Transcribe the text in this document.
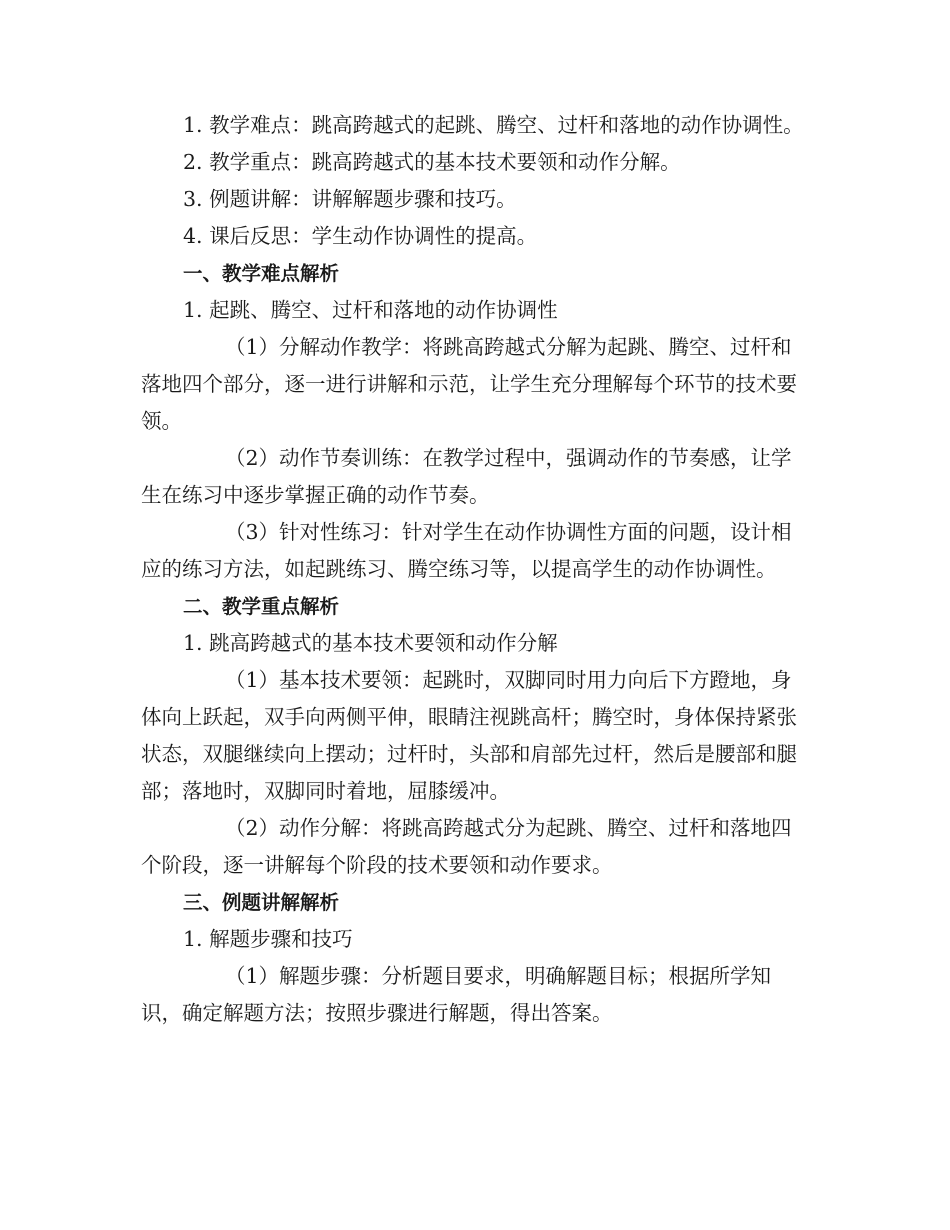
1. 教学难点：跳高跨越式的起跳、腾空、过杆和落地的动作协调性。

2. 教学重点：跳高跨越式的基本技术要领和动作分解。

3. 例题讲解：讲解解题步骤和技巧。

4. 课后反思：学生动作协调性的提高。

一、教学难点解析

1. 起跳、腾空、过杆和落地的动作协调性

（1）分解动作教学：将跳高跨越式分解为起跳、腾空、过杆和落地四个部分，逐一进行讲解和示范，让学生充分理解每个环节的技术要领。

（2）动作节奏训练：在教学过程中，强调动作的节奏感，让学生在练习中逐步掌握正确的动作节奏。

（3）针对性练习：针对学生在动作协调性方面的问题，设计相应的练习方法，如起跳练习、腾空练习等，以提高学生的动作协调性。

二、教学重点解析

1. 跳高跨越式的基本技术要领和动作分解

（1）基本技术要领：起跳时，双脚同时用力向后下方蹬地，身体向上跃起，双手向两侧平伸，眼睛注视跳高杆；腾空时，身体保持紧张状态，双腿继续向上摆动；过杆时，头部和肩部先过杆，然后是腰部和腿部；落地时，双脚同时着地，屈膝缓冲。

（2）动作分解：将跳高跨越式分为起跳、腾空、过杆和落地四个阶段，逐一讲解每个阶段的技术要领和动作要求。

三、例题讲解解析

1. 解题步骤和技巧

（1）解题步骤：分析题目要求，明确解题目标；根据所学知识，确定解题方法；按照步骤进行解题，得出答案。
